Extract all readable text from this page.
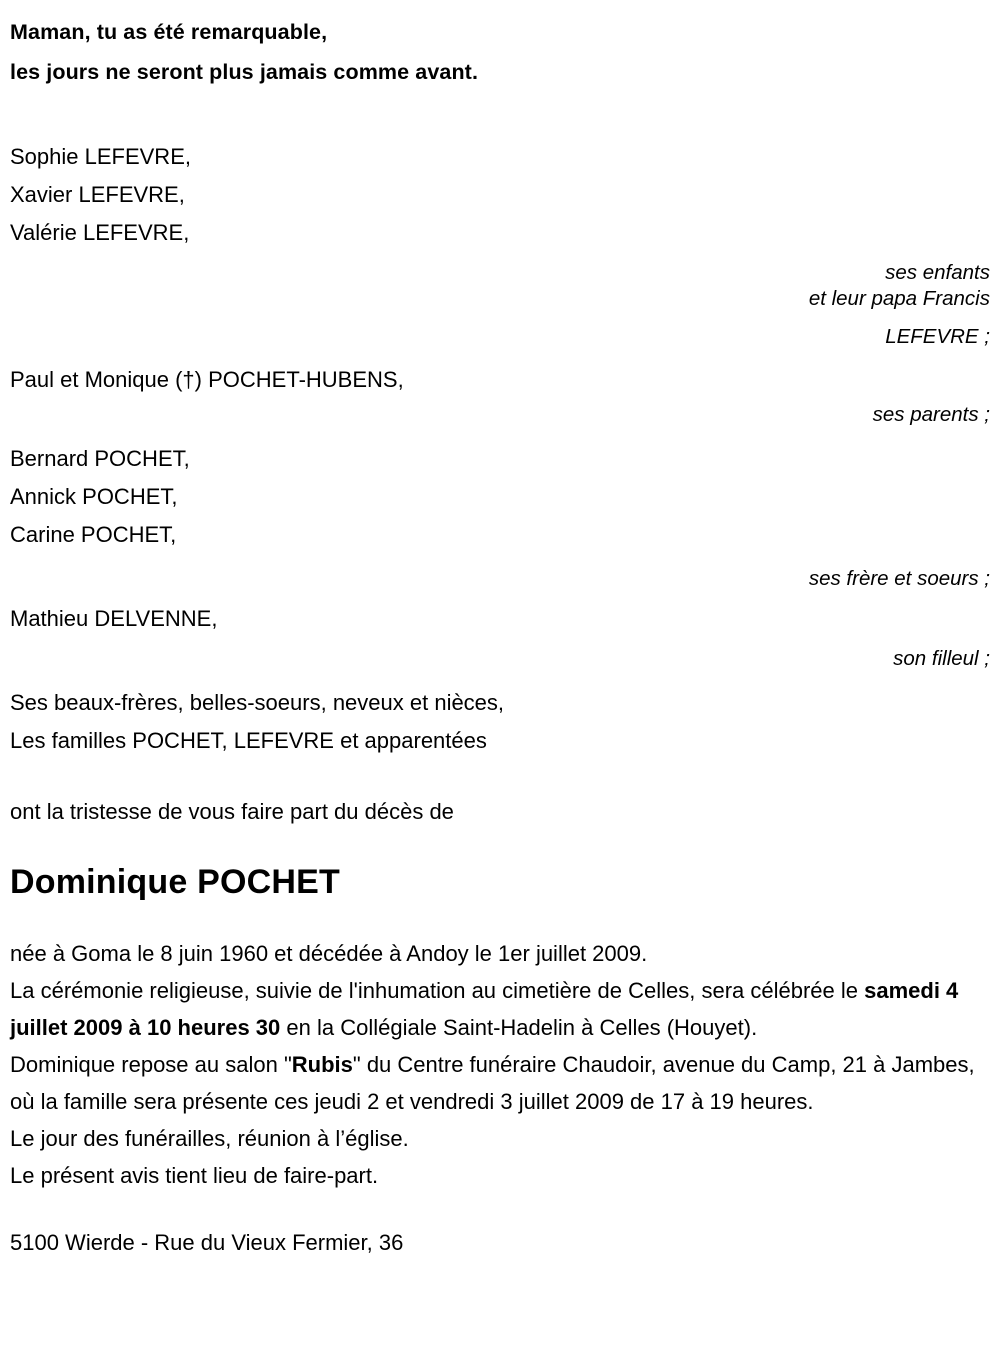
Maman, tu as été remarquable,
les jours ne seront plus jamais comme avant.
Sophie LEFEVRE,
Xavier LEFEVRE,
Valérie LEFEVRE,
ses enfants
et leur papa Francis
LEFEVRE ;
Paul et Monique (†) POCHET-HUBENS,
ses parents ;
Bernard POCHET,
Annick POCHET,
Carine POCHET,
ses frère et soeurs ;
Mathieu DELVENNE,
son filleul ;
Ses beaux-frères, belles-soeurs, neveux et nièces,
Les familles POCHET, LEFEVRE et apparentées
ont la tristesse de vous faire part du décès de
Dominique POCHET
née à Goma le 8 juin 1960 et décédée à Andoy le 1er juillet 2009.
La cérémonie religieuse, suivie de l'inhumation au cimetière de Celles, sera célébrée le samedi 4 juillet 2009 à 10 heures 30 en la Collégiale Saint-Hadelin à Celles (Houyet).
Dominique repose au salon "Rubis" du Centre funéraire Chaudoir, avenue du Camp, 21 à Jambes, où la famille sera présente ces jeudi 2 et vendredi 3 juillet 2009 de 17 à 19 heures.
Le jour des funérailles, réunion à l’église.
Le présent avis tient lieu de faire-part.
5100 Wierde - Rue du Vieux Fermier, 36
